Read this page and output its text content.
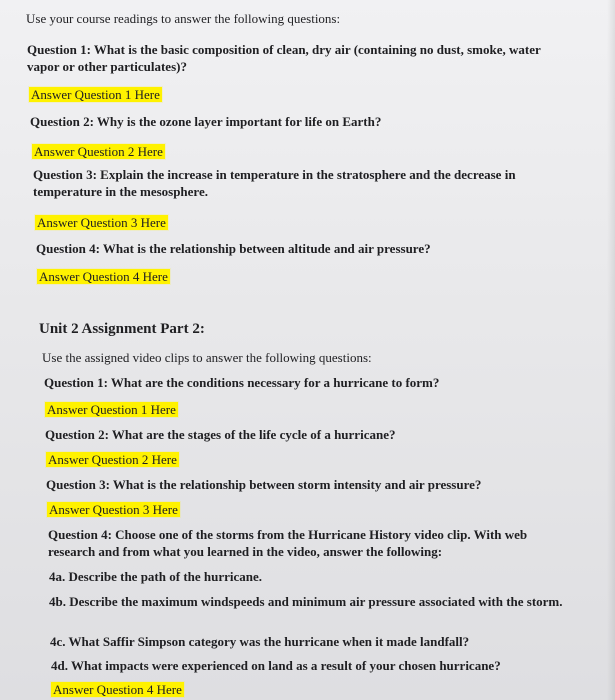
Use your course readings to answer the following questions:
Question 1: What is the basic composition of clean, dry air (containing no dust, smoke, water vapor or other particulates)?
Answer Question 1 Here
Question 2: Why is the ozone layer important for life on Earth?
Answer Question 2 Here
Question 3: Explain the increase in temperature in the stratosphere and the decrease in temperature in the mesosphere.
Answer Question 3 Here
Question 4: What is the relationship between altitude and air pressure?
Answer Question 4 Here
Unit 2 Assignment Part 2:
Use the assigned video clips to answer the following questions:
Question 1: What are the conditions necessary for a hurricane to form?
Answer Question 1 Here
Question 2: What are the stages of the life cycle of a hurricane?
Answer Question 2 Here
Question 3: What is the relationship between storm intensity and air pressure?
Answer Question 3 Here
Question 4: Choose one of the storms from the Hurricane History video clip. With web research and from what you learned in the video, answer the following:
4a. Describe the path of the hurricane.
4b. Describe the maximum windspeeds and minimum air pressure associated with the storm.
4c. What Saffir Simpson category was the hurricane when it made landfall?
4d. What impacts were experienced on land as a result of your chosen hurricane?
Answer Question 4 Here
